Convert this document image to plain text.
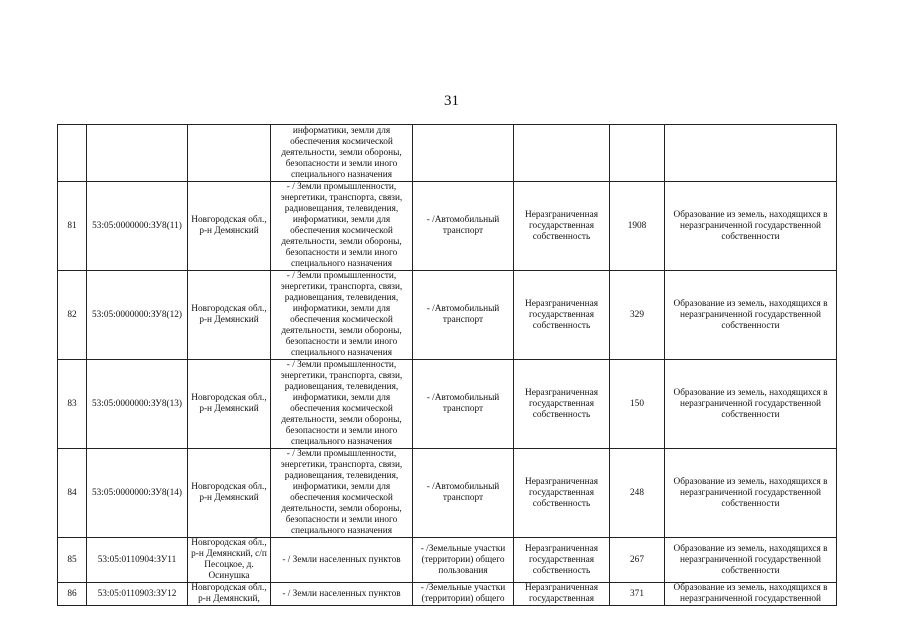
31

			информатики, земли для обеспечения космической деятельности, земли обороны, безопасности и земли иного специального назначения				

81	53:05:0000000:ЗУ8(11)	Новгородская обл., р-н Демянский	- / Земли промышленности, энергетики, транспорта, связи, радиовещания, телевидения, информатики, земли для обеспечения космической деятельности, земли обороны, безопасности и земли иного специального назначения	- /Автомобильный транспорт	Неразграниченная государственная собственность	1908	Образование из земель, находящихся в неразграниченной государственной собственности
82	53:05:0000000:ЗУ8(12)	Новгородская обл., р-н Демянский	- / Земли промышленности, энергетики, транспорта, связи, радиовещания, телевидения, информатики, земли для обеспечения космической деятельности, земли обороны, безопасности и земли иного специального назначения	- /Автомобильный транспорт	Неразграниченная государственная собственность	329	Образование из земель, находящихся в неразграниченной государственной собственности
83	53:05:0000000:ЗУ8(13)	Новгородская обл., р-н Демянский	- / Земли промышленности, энергетики, транспорта, связи, радиовещания, телевидения, информатики, земли для обеспечения космической деятельности, земли обороны, безопасности и земли иного специального назначения	- /Автомобильный транспорт	Неразграниченная государственная собственность	150	Образование из земель, находящихся в неразграниченной государственной собственности
84	53:05:0000000:ЗУ8(14)	Новгородская обл., р-н Демянский	- / Земли промышленности, энергетики, транспорта, связи, радиовещания, телевидения, информатики, земли для обеспечения космической деятельности, земли обороны, безопасности и земли иного специального назначения	- /Автомобильный транспорт	Неразграниченная государственная собственность	248	Образование из земель, находящихся в неразграниченной государственной собственности
85	53:05:0110904:ЗУ11	Новгородская обл., р-н Демянский, с/п Песоцкое, д. Осинушка	- / Земли населенных пунктов	- /Земельные участки (территории) общего пользования	Неразграниченная государственная собственность	267	Образование из земель, находящихся в неразграниченной государственной собственности

86	53:05:0110903:ЗУ12	Новгородская обл., р-н Демянский,	- / Земли населенных пунктов	- /Земельные участки (территории) общего	Неразграниченная государственная	371	Образование из земель, находящихся в неразграниченной государственной
